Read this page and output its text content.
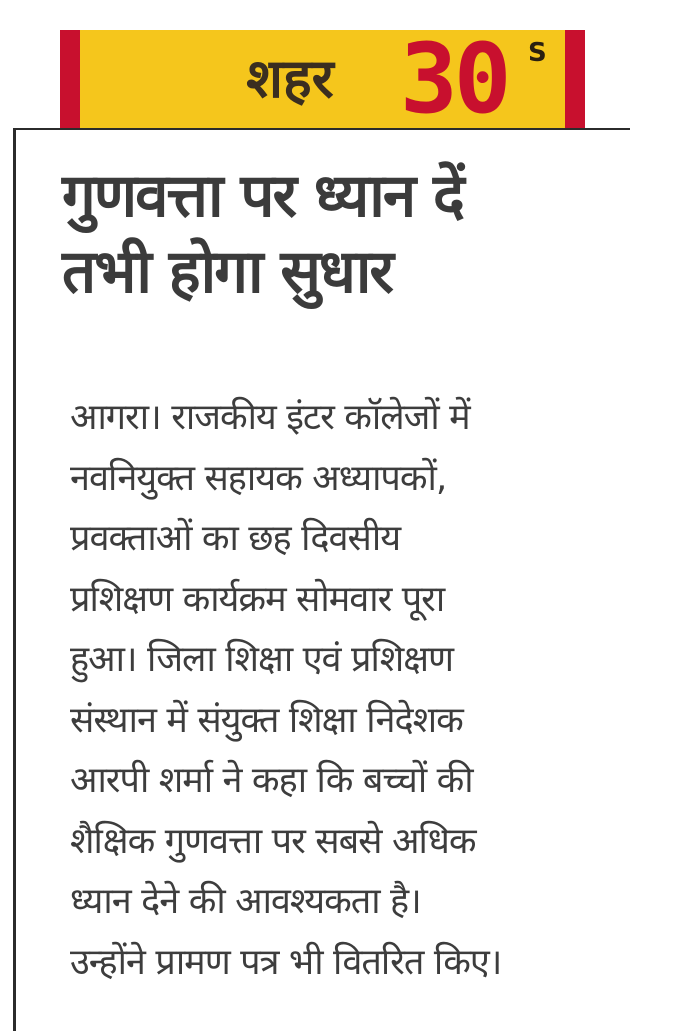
शहर 30 S
गुणवत्ता पर ध्यान दें
तभी होगा सुधार

आगरा। राजकीय इंटर कॉलेजों में
नवनियुक्त सहायक अध्यापकों,
प्रवक्ताओं का छह दिवसीय
प्रशिक्षण कार्यक्रम सोमवार पूरा
हुआ। जिला शिक्षा एवं प्रशिक्षण
संस्थान में संयुक्त शिक्षा निदेशक
आरपी शर्मा ने कहा कि बच्चों की
शैक्षिक गुणवत्ता पर सबसे अधिक
ध्यान देने की आवश्यकता है।
उन्होंने प्रामण पत्र भी वितरित किए।
